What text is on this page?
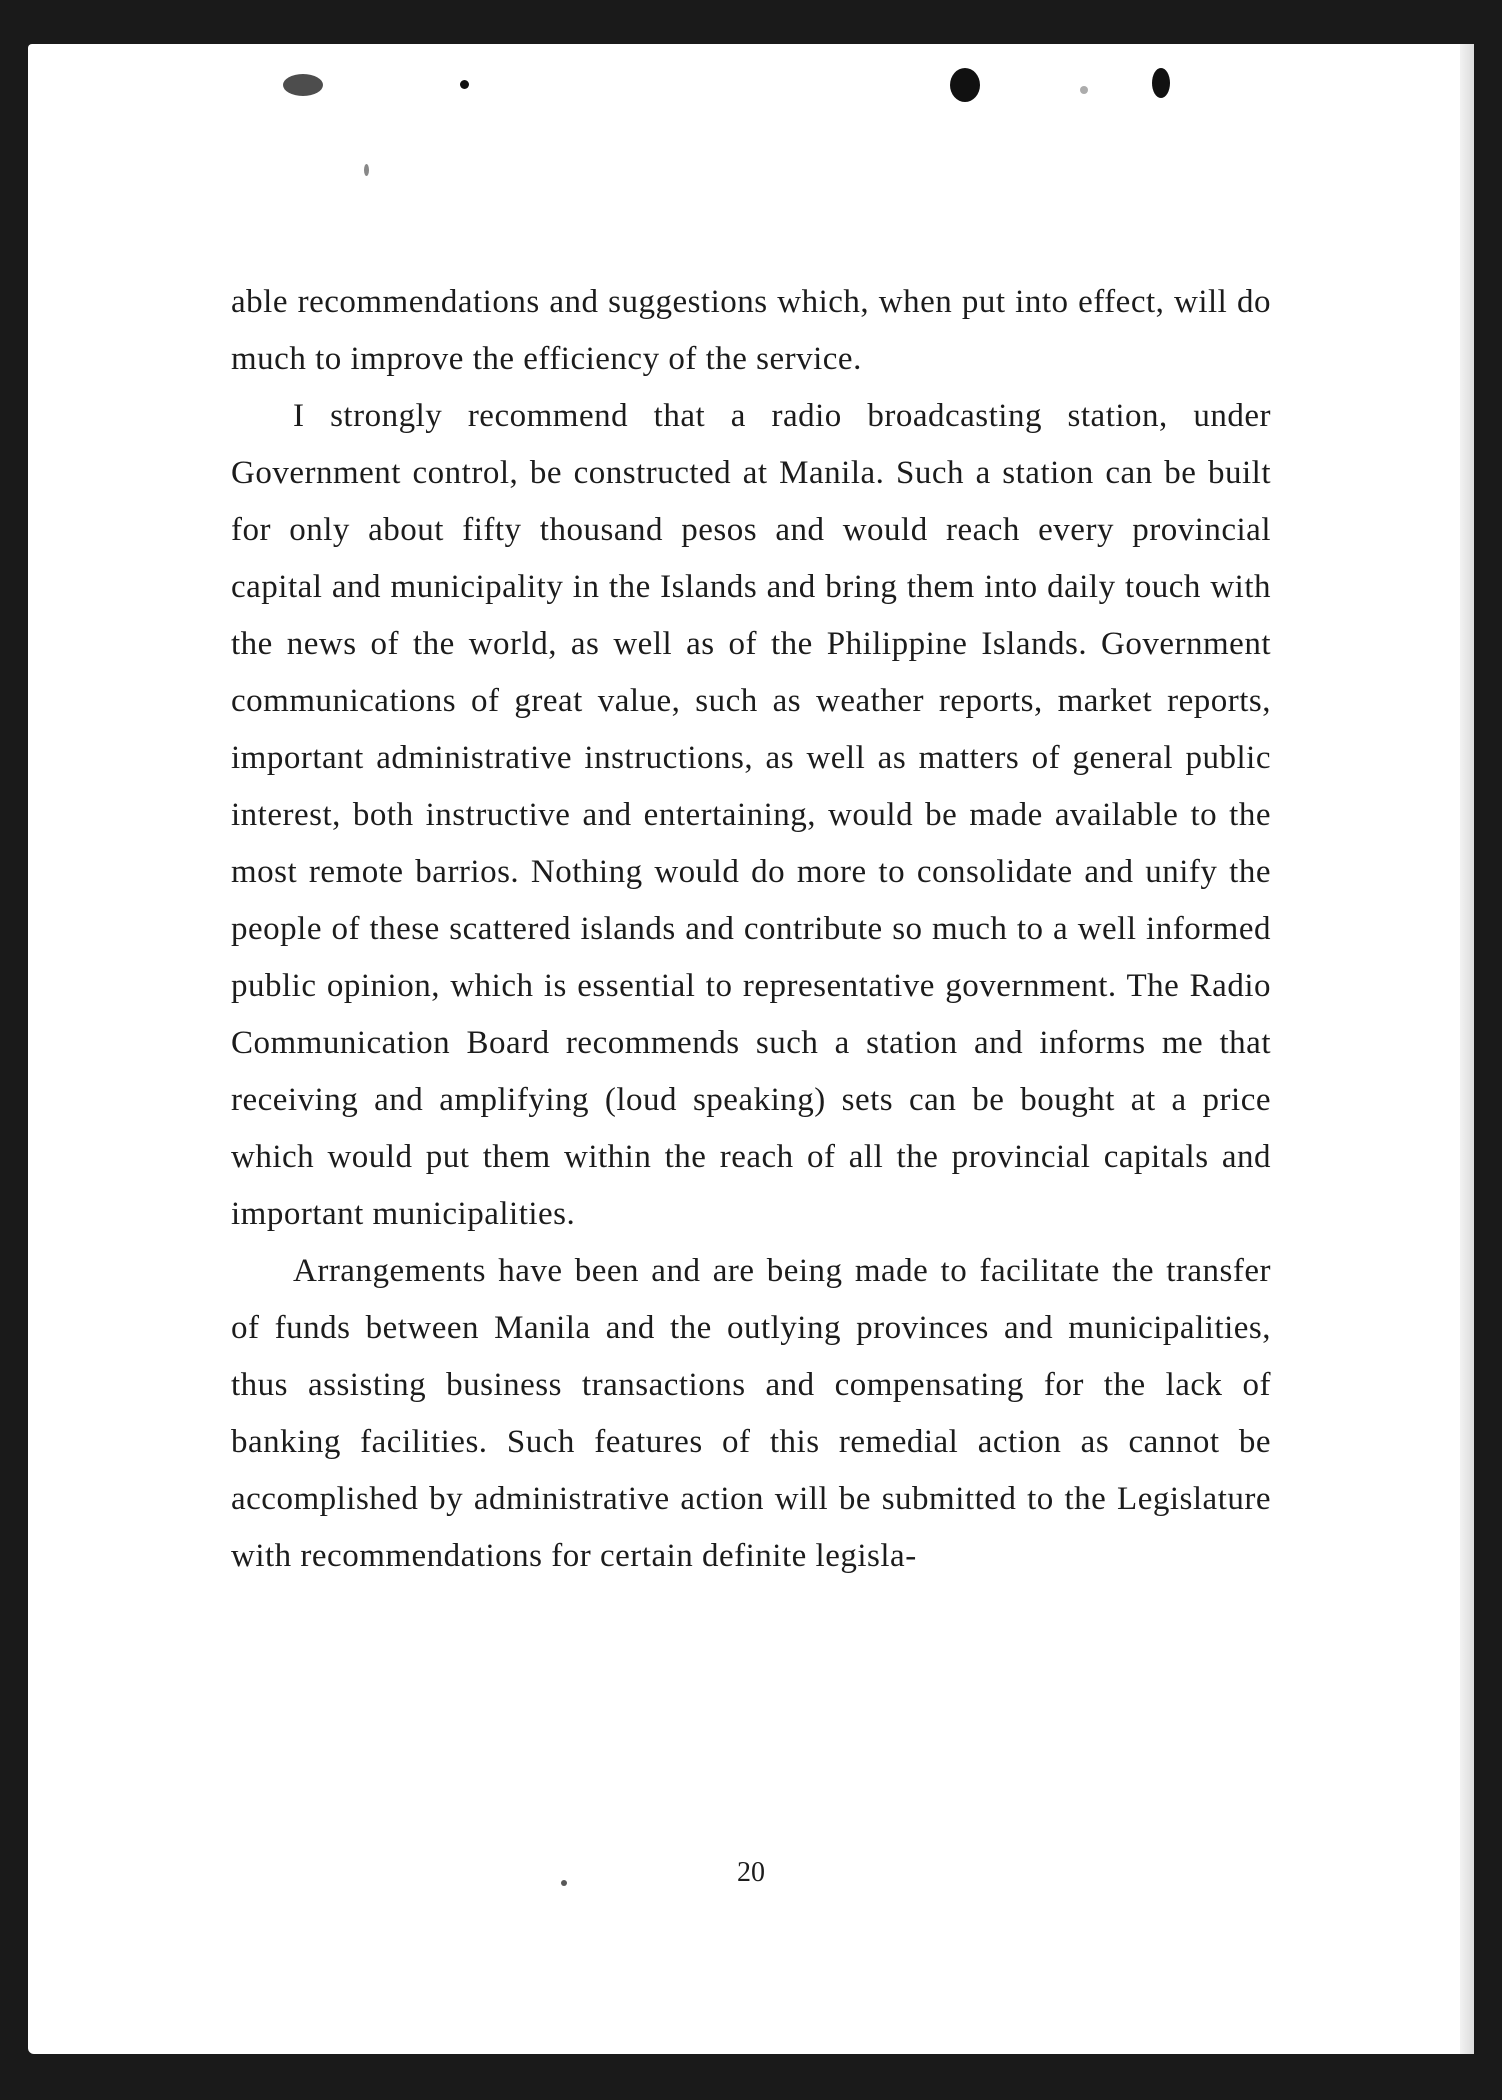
able recommendations and suggestions which, when put into effect, will do much to improve the efficiency of the service.

I strongly recommend that a radio broadcasting station, under Government control, be constructed at Manila. Such a station can be built for only about fifty thousand pesos and would reach every provincial capital and municipality in the Islands and bring them into daily touch with the news of the world, as well as of the Philippine Islands. Government communications of great value, such as weather reports, market reports, important administrative instructions, as well as matters of general public interest, both instructive and entertaining, would be made available to the most remote barrios. Nothing would do more to consolidate and unify the people of these scattered islands and contribute so much to a well informed public opinion, which is essential to representative government. The Radio Communication Board recommends such a station and informs me that receiving and amplifying (loud speaking) sets can be bought at a price which would put them within the reach of all the provincial capitals and important municipalities.

Arrangements have been and are being made to facilitate the transfer of funds between Manila and the outlying provinces and municipalities, thus assisting business transactions and compensating for the lack of banking facilities. Such features of this remedial action as cannot be accomplished by administrative action will be submitted to the Legislature with recommendations for certain definite legisla-

20
